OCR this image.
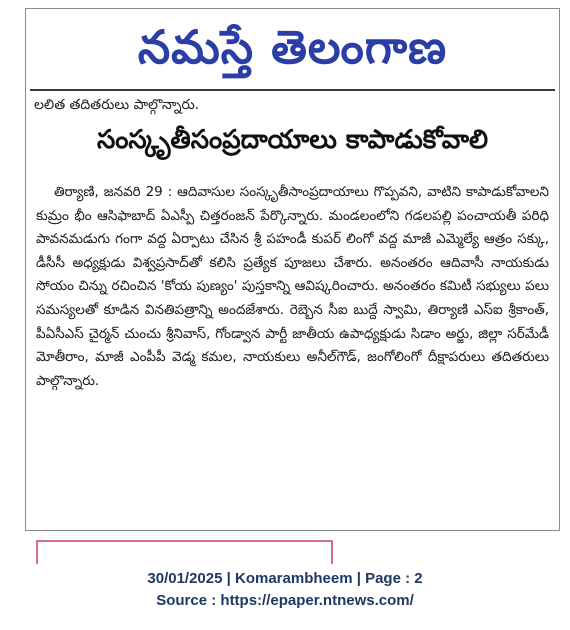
నమస్తే తెలంగాణ
లలిత తదితరులు పాల్గొన్నారు.
సంస్కృతీసంప్రదాయాలు కాపాడుకోవాలి
తిర్యాణి, జనవరి 29 : ఆదివాసుల సంస్కృతీసాంప్రదాయాలు గొప్పవని, వాటిని కాపాడుకోవాలని కుమ్రం భీం ఆసిఫాబాద్ ఏఎస్పీ చిత్తరంజన్ పేర్కొన్నారు. మండలంలోని గడలపల్లి పంచాయతీ పరిధి పావనమడుగు గంగా వద్ద ఏర్పాటు చేసిన శ్రీ పహండీ కుపర్ లింగో వద్ద మాజీ ఎమ్మెల్యే ఆత్రం సక్కు, డీసీసీ అధ్యక్షుడు విశ్వప్రసాద్‌తో కలిసి ప్రత్యేక పూజలు చేశారు. అనంతరం ఆదివాసీ నాయకుడు సోయం చిన్ను రచించిన 'కోయ పుణ్యం' పుస్తకాన్ని ఆవిష్కరించారు. అనంతరం కమిటీ సభ్యులు పలు సమస్యలతో కూడిన వినతిపత్రాన్ని అందజేశారు. రెబ్బెన సీఐ బుద్దే స్వామి, తిర్యాణి ఎస్ఐ శ్రీకాంత్, పీఏసీఎస్ చైర్మన్ చుంచు శ్రీనివాస్, గోండ్వాన పార్టీ జాతీయ ఉపాధ్యక్షుడు సిడాం అర్జు, జిల్లా సర్‌మేడీ మోతీరాం, మాజీ ఎంపీపీ వెడ్మ కమల, నాయకులు అనీల్‌గౌడ్, జంగోలింగో దీక్షాపరులు తదితరులు పాల్గొన్నారు.
30/01/2025 | Komarambheem | Page : 2
Source : https://epaper.ntnews.com/
